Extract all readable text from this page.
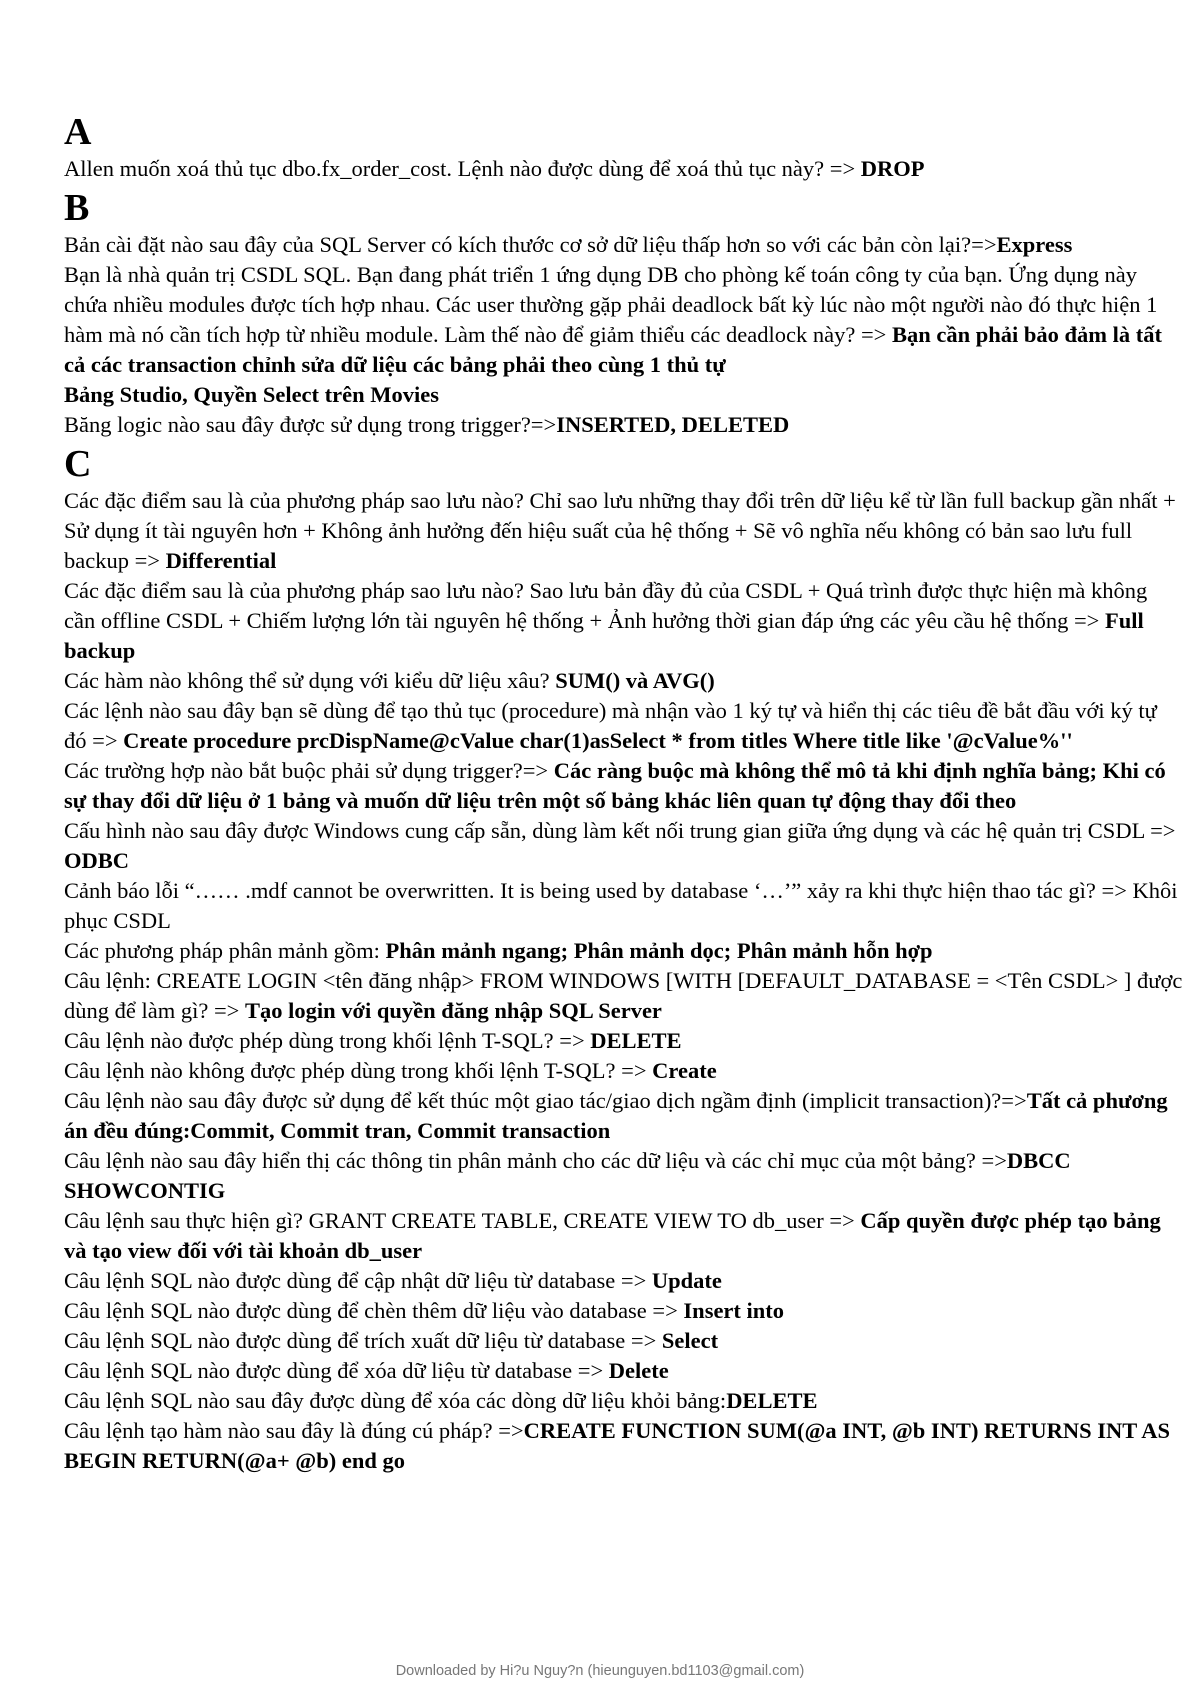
A

Allen muốn xoá thủ tục dbo.fx_order_cost. Lệnh nào được dùng để xoá thủ tục này? => DROP

B

Bản cài đặt nào sau đây của SQL Server có kích thước cơ sở dữ liệu thấp hơn so với các bản còn lại?=>Express

Bạn là nhà quản trị CSDL SQL. Bạn đang phát triển 1 ứng dụng DB cho phòng kế toán công ty của bạn. Ứng dụng này chứa nhiều modules được tích hợp nhau. Các user thường gặp phải deadlock bất kỳ lúc nào một người nào đó thực hiện 1 hàm mà nó cần tích hợp từ nhiều module. Làm thế nào để giảm thiểu các deadlock này? => Bạn cần phải bảo đảm là tất cả các transaction chỉnh sửa dữ liệu các bảng phải theo cùng 1 thủ tự

Bảng Studio, Quyền Select trên Movies

Băng logic nào sau đây được sử dụng trong trigger?=>INSERTED, DELETED

C

Các đặc điểm sau là của phương pháp sao lưu nào? Chỉ sao lưu những thay đổi trên dữ liệu kể từ lần full backup gần nhất + Sử dụng ít tài nguyên hơn + Không ảnh hưởng đến hiệu suất của hệ thống + Sẽ vô nghĩa nếu không có bản sao lưu full backup => Differential

Các đặc điểm sau là của phương pháp sao lưu nào? Sao lưu bản đầy đủ của CSDL + Quá trình được thực hiện mà không cần offline CSDL + Chiếm lượng lớn tài nguyên hệ thống + Ảnh hưởng thời gian đáp ứng các yêu cầu hệ thống => Full backup

Các hàm nào không thể sử dụng với kiểu dữ liệu xâu? SUM() và AVG()

Các lệnh nào sau đây bạn sẽ dùng để tạo thủ tục (procedure) mà nhận vào 1 ký tự và hiển thị các tiêu đề bắt đầu với ký tự đó => Create procedure prcDispName@cValue char(1)asSelect * from titles Where title like '@cValue%''

Các trường hợp nào bắt buộc phải sử dụng trigger?=> Các ràng buộc mà không thể mô tả khi định nghĩa bảng; Khi có sự thay đổi dữ liệu ở 1 bảng và muốn dữ liệu trên một số bảng khác liên quan tự động thay đổi theo

Cấu hình nào sau đây được Windows cung cấp sẵn, dùng làm kết nối trung gian giữa ứng dụng và các hệ quản trị CSDL => ODBC

Cảnh báo lỗi “…… .mdf cannot be overwritten. It is being used by database ‘…’” xảy ra khi thực hiện thao tác gì? => Khôi phục CSDL

Các phương pháp phân mảnh gồm: Phân mảnh ngang; Phân mảnh dọc; Phân mảnh hỗn hợp

Câu lệnh: CREATE LOGIN <tên đăng nhập> FROM WINDOWS [WITH [DEFAULT_DATABASE = <Tên CSDL> ] được dùng để làm gì? => Tạo login với quyền đăng nhập SQL Server

Câu lệnh nào được phép dùng trong khối lệnh T-SQL? => DELETE

Câu lệnh nào không được phép dùng trong khối lệnh T-SQL? => Create

Câu lệnh nào sau đây được sử dụng để kết thúc một giao tác/giao dịch ngầm định (implicit transaction)?=>Tất cả phương án đều đúng:Commit, Commit tran, Commit transaction

Câu lệnh nào sau đây hiển thị các thông tin phân mảnh cho các dữ liệu và các chỉ mục của một bảng? =>DBCC SHOWCONTIG

Câu lệnh sau thực hiện gì? GRANT CREATE TABLE, CREATE VIEW TO db_user => Cấp quyền được phép tạo bảng và tạo view đối với tài khoản db_user

Câu lệnh SQL nào được dùng để cập nhật dữ liệu từ database => Update

Câu lệnh SQL nào được dùng để chèn thêm dữ liệu vào database => Insert into

Câu lệnh SQL nào được dùng để trích xuất dữ liệu từ database => Select

Câu lệnh SQL nào được dùng để xóa dữ liệu từ database => Delete

Câu lệnh SQL nào sau đây được dùng để xóa các dòng dữ liệu khỏi bảng:DELETE

Câu lệnh tạo hàm nào sau đây là đúng cú pháp? =>CREATE FUNCTION SUM(@a INT, @b INT) RETURNS INT AS BEGIN RETURN(@a+ @b) end go

Downloaded by Hi?u Nguy?n (hieunguyen.bd1103@gmail.com)
